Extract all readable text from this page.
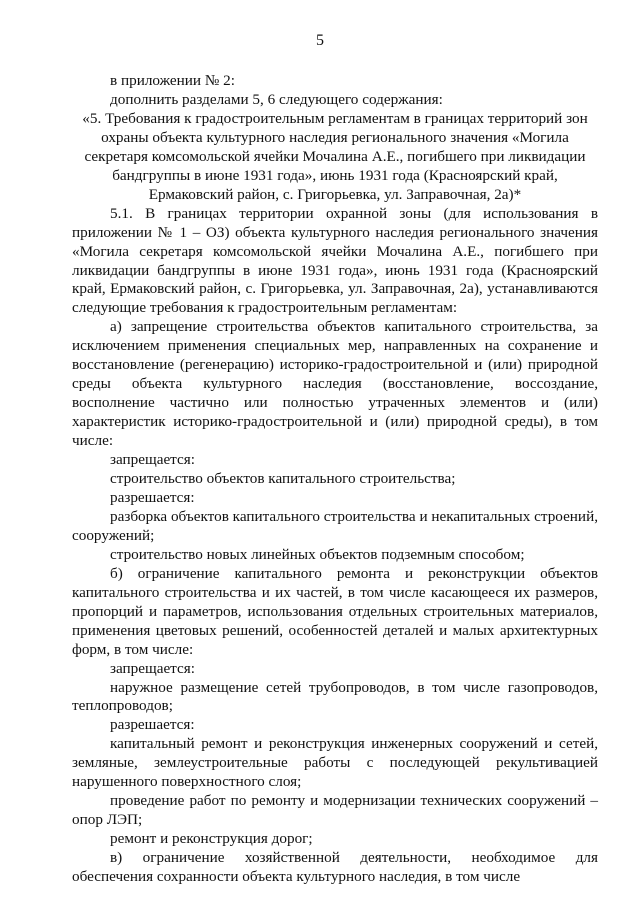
5

в приложении № 2:

дополнить разделами 5, 6 следующего содержания:

«5. Требования к градостроительным регламентам в границах территорий зон охраны объекта культурного наследия регионального значения «Могила секретаря комсомольской ячейки Мочалина А.Е., погибшего при ликвидации бандгруппы в июне 1931 года», июнь 1931 года (Красноярский край, Ермаковский район, с. Григорьевка, ул. Заправочная, 2а)*

5.1. В границах территории охранной зоны (для использования в приложении № 1 – ОЗ) объекта культурного наследия регионального значения «Могила секретаря комсомольской ячейки Мочалина А.Е., погибшего при ликвидации бандгруппы в июне 1931 года», июнь 1931 года (Красноярский край, Ермаковский район, с. Григорьевка, ул. Заправочная, 2а), устанавливаются следующие требования к градостроительным регламентам:

а) запрещение строительства объектов капитального строительства, за исключением применения специальных мер, направленных на сохранение и восстановление (регенерацию) историко-градостроительной и (или) природной среды объекта культурного наследия (восстановление, воссоздание, восполнение частично или полностью утраченных элементов и (или) характеристик историко-градостроительной и (или) природной среды), в том числе:

запрещается:

строительство объектов капитального строительства;

разрешается:

разборка объектов капитального строительства и некапитальных строений, сооружений;

строительство новых линейных объектов подземным способом;

б) ограничение капитального ремонта и реконструкции объектов капитального строительства и их частей, в том числе касающееся их размеров, пропорций и параметров, использования отдельных строительных материалов, применения цветовых решений, особенностей деталей и малых архитектурных форм, в том числе:

запрещается:

наружное размещение сетей трубопроводов, в том числе газопроводов, теплопроводов;

разрешается:

капитальный ремонт и реконструкция инженерных сооружений и сетей, земляные, землеустроительные работы с последующей рекультивацией нарушенного поверхностного слоя;

проведение работ по ремонту и модернизации технических сооружений – опор ЛЭП;

ремонт и реконструкция дорог;

в) ограничение хозяйственной деятельности, необходимое для обеспечения сохранности объекта культурного наследия, в том числе
